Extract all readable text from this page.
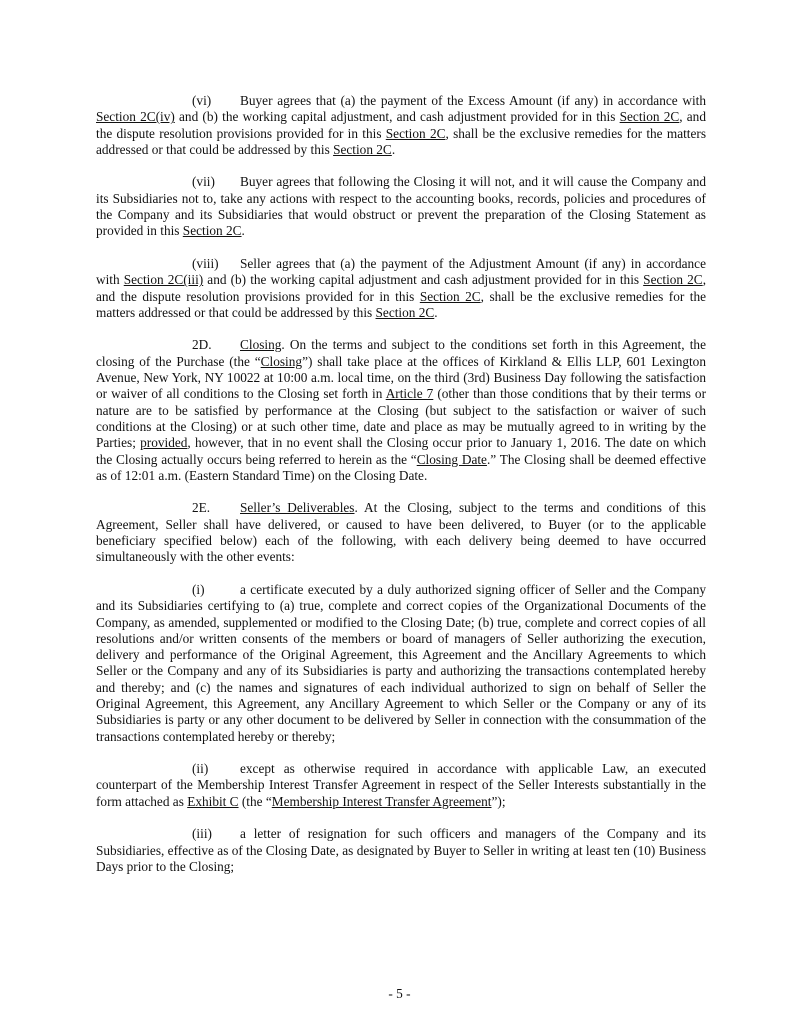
(vi) Buyer agrees that (a) the payment of the Excess Amount (if any) in accordance with Section 2C(iv) and (b) the working capital adjustment, and cash adjustment provided for in this Section 2C, and the dispute resolution provisions provided for in this Section 2C, shall be the exclusive remedies for the matters addressed or that could be addressed by this Section 2C.

(vii) Buyer agrees that following the Closing it will not, and it will cause the Company and its Subsidiaries not to, take any actions with respect to the accounting books, records, policies and procedures of the Company and its Subsidiaries that would obstruct or prevent the preparation of the Closing Statement as provided in this Section 2C.

(viii) Seller agrees that (a) the payment of the Adjustment Amount (if any) in accordance with Section 2C(iii) and (b) the working capital adjustment and cash adjustment provided for in this Section 2C, and the dispute resolution provisions provided for in this Section 2C, shall be the exclusive remedies for the matters addressed or that could be addressed by this Section 2C.

2D. Closing. On the terms and subject to the conditions set forth in this Agreement, the closing of the Purchase (the “Closing”) shall take place at the offices of Kirkland & Ellis LLP, 601 Lexington Avenue, New York, NY 10022 at 10:00 a.m. local time, on the third (3rd) Business Day following the satisfaction or waiver of all conditions to the Closing set forth in Article 7 (other than those conditions that by their terms or nature are to be satisfied by performance at the Closing (but subject to the satisfaction or waiver of such conditions at the Closing) or at such other time, date and place as may be mutually agreed to in writing by the Parties; provided, however, that in no event shall the Closing occur prior to January 1, 2016. The date on which the Closing actually occurs being referred to herein as the “Closing Date.” The Closing shall be deemed effective as of 12:01 a.m. (Eastern Standard Time) on the Closing Date.

2E. Seller’s Deliverables. At the Closing, subject to the terms and conditions of this Agreement, Seller shall have delivered, or caused to have been delivered, to Buyer (or to the applicable beneficiary specified below) each of the following, with each delivery being deemed to have occurred simultaneously with the other events:

(i)	a certificate executed by a duly authorized signing officer of Seller and the Company and its Subsidiaries certifying to (a) true, complete and correct copies of the Organizational Documents of the Company, as amended, supplemented or modified to the Closing Date; (b) true, complete and correct copies of all resolutions and/or written consents of the members or board of managers of Seller authorizing the execution, delivery and performance of the Original Agreement, this Agreement and the Ancillary Agreements to which Seller or the Company and any of its Subsidiaries is party and authorizing the transactions contemplated hereby and thereby; and (c) the names and signatures of each individual authorized to sign on behalf of Seller the Original Agreement, this Agreement, any Ancillary Agreement to which Seller or the Company or any of its Subsidiaries is party or any other document to be delivered by Seller in connection with the consummation of the transactions contemplated hereby or thereby;

(ii) except as otherwise required in accordance with applicable Law, an executed counterpart of the Membership Interest Transfer Agreement in respect of the Seller Interests substantially in the form attached as Exhibit C (the “Membership Interest Transfer Agreement”);

(iii) a letter of resignation for such officers and managers of the Company and its Subsidiaries, effective as of the Closing Date, as designated by Buyer to Seller in writing at least ten (10) Business Days prior to the Closing;

- 5 -
